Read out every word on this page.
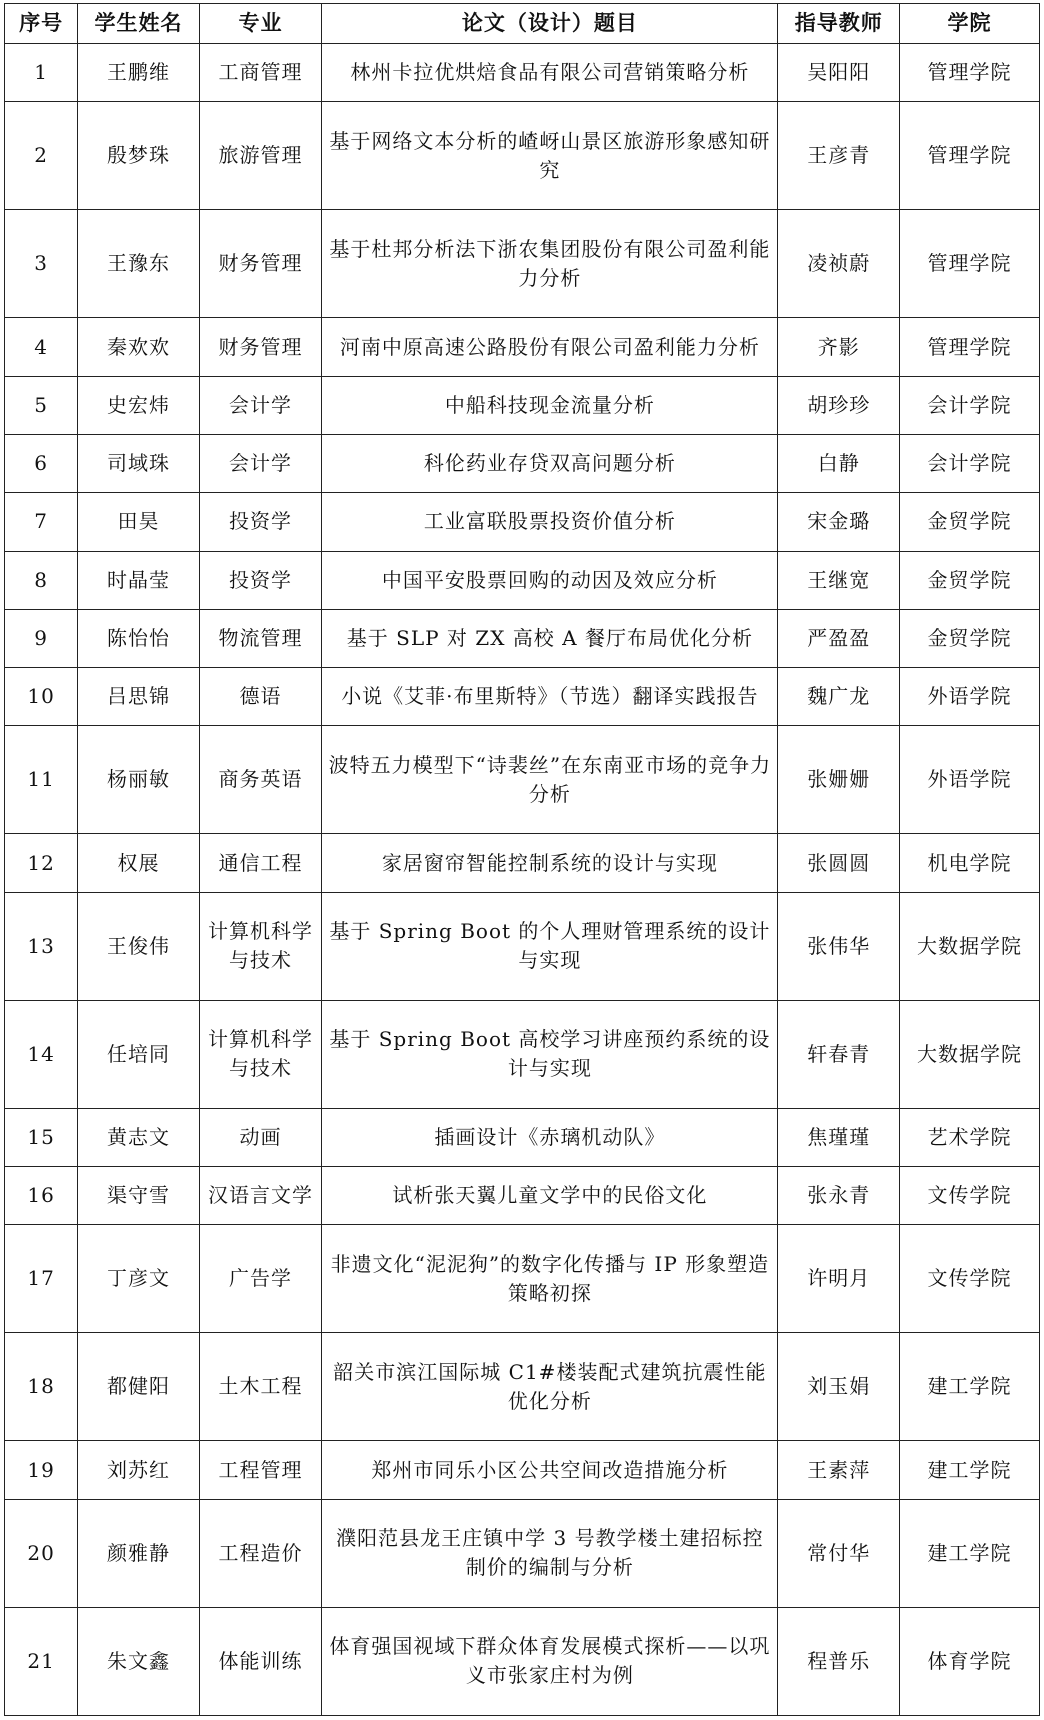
序号	学生姓名	专业	论文（设计）题目	指导教师	学院
1	王鹏维	工商管理	林州卡拉优烘焙食品有限公司营销策略分析	吴阳阳	管理学院
2	殷梦珠	旅游管理	基于网络文本分析的嵖岈山景区旅游形象感知研究	王彦青	管理学院
3	王豫东	财务管理	基于杜邦分析法下浙农集团股份有限公司盈利能力分析	凌祯蔚	管理学院
4	秦欢欢	财务管理	河南中原高速公路股份有限公司盈利能力分析	齐影	管理学院
5	史宏炜	会计学	中船科技现金流量分析	胡珍珍	会计学院
6	司域珠	会计学	科伦药业存贷双高问题分析	白静	会计学院
7	田昊	投资学	工业富联股票投资价值分析	宋金璐	金贸学院
8	时晶莹	投资学	中国平安股票回购的动因及效应分析	王继宽	金贸学院
9	陈怡怡	物流管理	基于 SLP 对 ZX 高校 A 餐厅布局优化分析	严盈盈	金贸学院
10	吕思锦	德语	小说《艾菲·布里斯特》（节选）翻译实践报告	魏广龙	外语学院
11	杨丽敏	商务英语	波特五力模型下“诗裴丝”在东南亚市场的竞争力分析	张姗姗	外语学院
12	权展	通信工程	家居窗帘智能控制系统的设计与实现	张圆圆	机电学院
13	王俊伟	计算机科学与技术	基于 Spring Boot 的个人理财管理系统的设计与实现	张伟华	大数据学院
14	任培同	计算机科学与技术	基于 Spring Boot 高校学习讲座预约系统的设计与实现	轩春青	大数据学院
15	黄志文	动画	插画设计《赤璃机动队》	焦瑾瑾	艺术学院
16	渠守雪	汉语言文学	试析张天翼儿童文学中的民俗文化	张永青	文传学院
17	丁彦文	广告学	非遗文化“泥泥狗”的数字化传播与 IP 形象塑造策略初探	许明月	文传学院
18	都健阳	土木工程	韶关市滨江国际城 C1#楼装配式建筑抗震性能优化分析	刘玉娟	建工学院
19	刘苏红	工程管理	郑州市同乐小区公共空间改造措施分析	王素萍	建工学院
20	颜雅静	工程造价	濮阳范县龙王庄镇中学 3 号教学楼土建招标控制价的编制与分析	常付华	建工学院
21	朱文鑫	体能训练	体育强国视域下群众体育发展模式探析——以巩义市张家庄村为例	程普乐	体育学院
